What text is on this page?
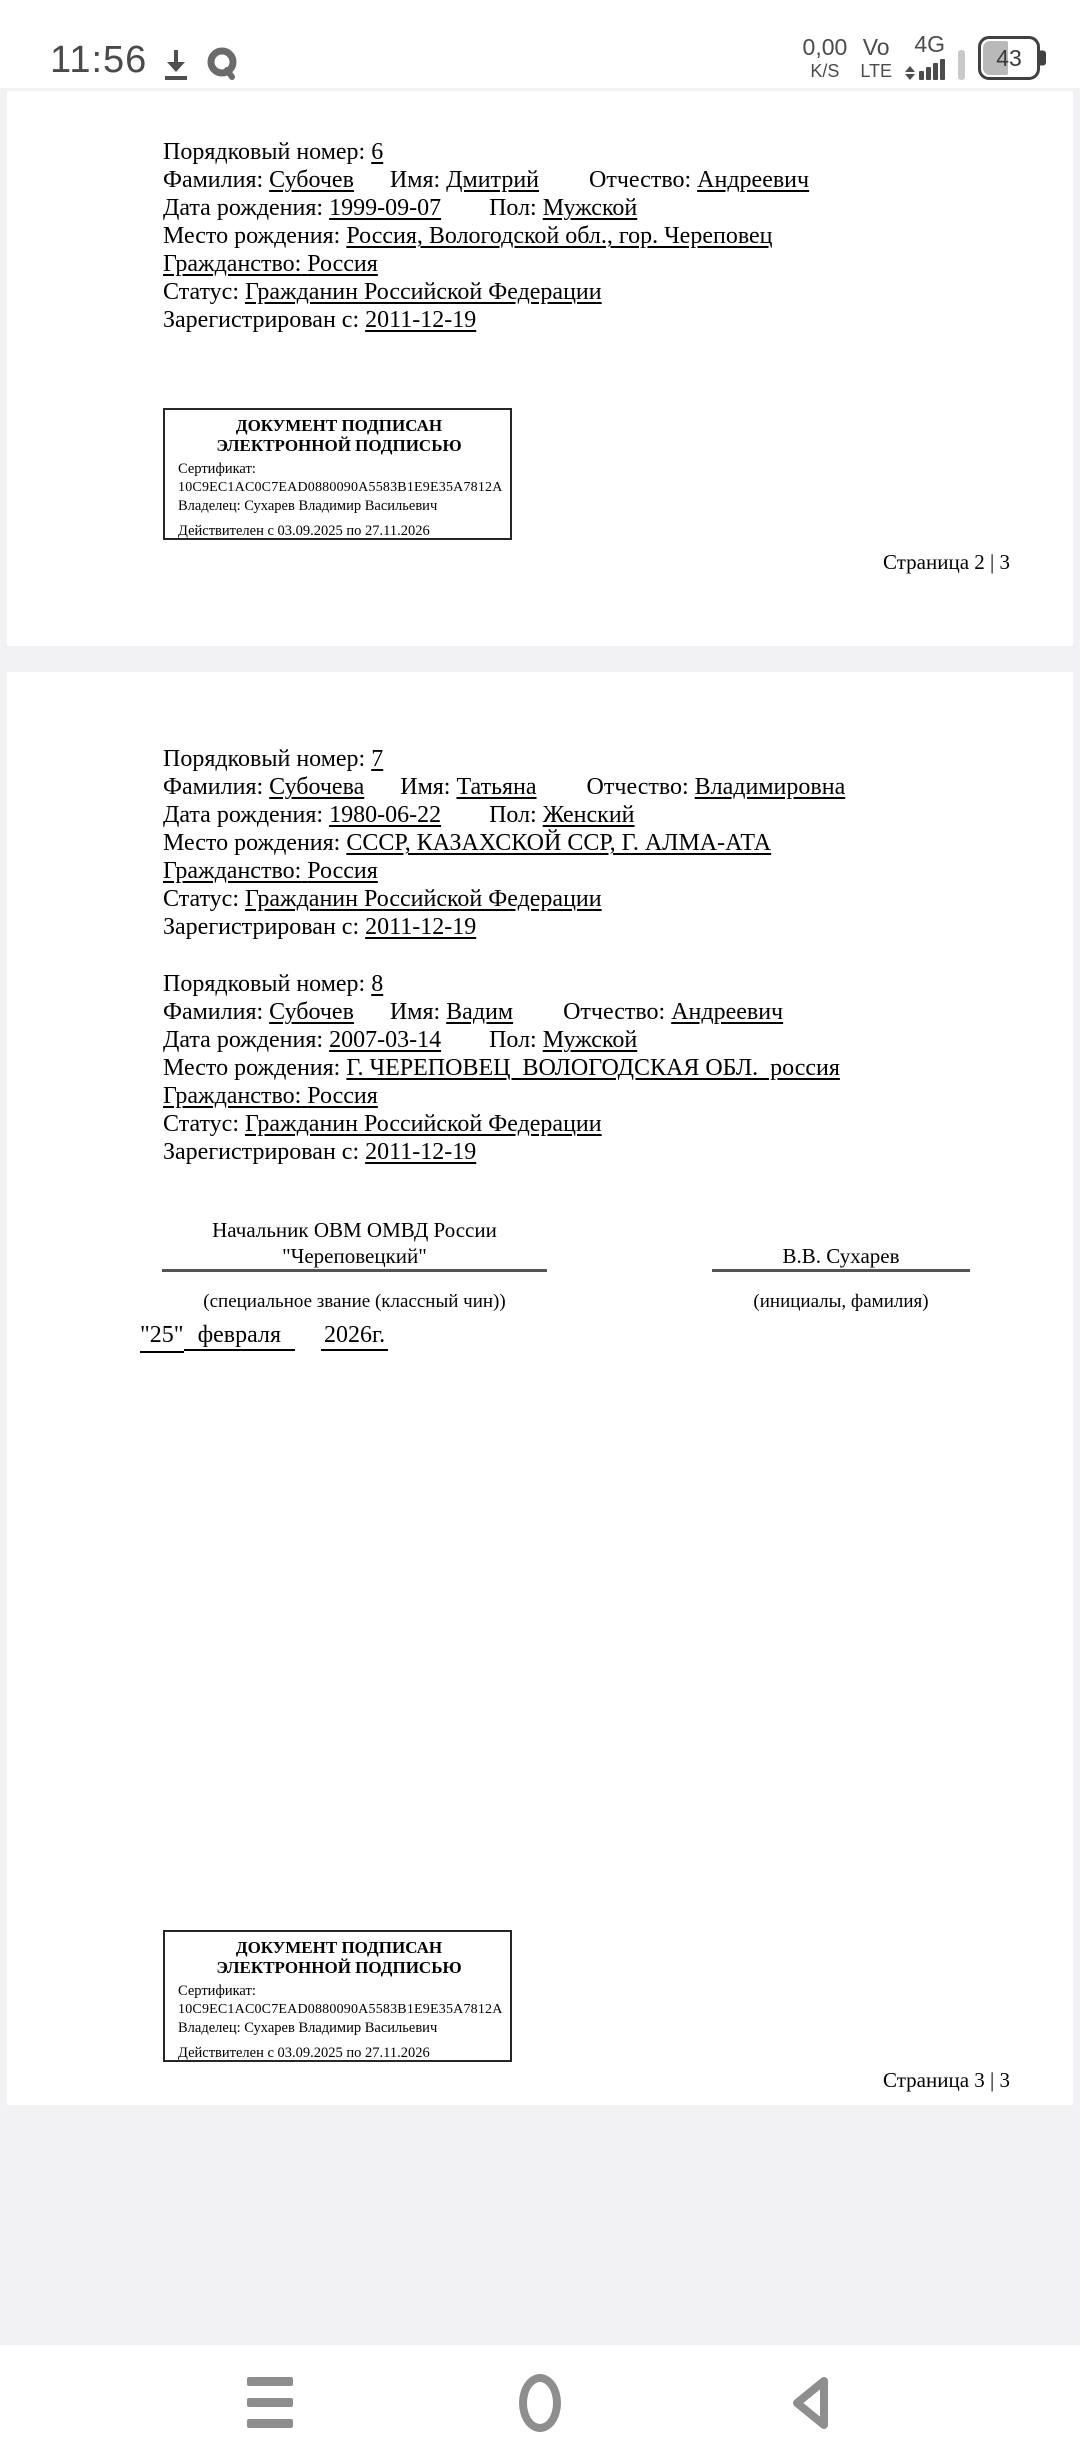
11:56	0,00
K/S
Vo
LTE
4G
43

Порядковый номер: 6

Фамилия: Субочев Имя: Дмитрий Отчество: Андреевич

Дата рождения: 1999-09-07 Пол: Мужской

Место рождения: Россия, Вологодской обл., гор. Череповец

Гражданство: Россия

Статус: Гражданин Российской Федерации

Зарегистрирован с: 2011-12-19

ДОКУМЕНТ ПОДПИСАН
ЭЛЕКТРОННОЙ ПОДПИСЬЮ
Сертификат:
10C9EC1AC0C7EAD0880090A5583B1E9E35A7812A
Владелец: Сухарев Владимир Васильевич
Действителен с 03.09.2025 по 27.11.2026
Страница 2 | 3

Порядковый номер: 7

Фамилия: Субочева Имя: Татьяна Отчество: Владимировна

Дата рождения: 1980-06-22 Пол: Женский

Место рождения: СССР, КАЗАХСКОЙ ССР, Г. АЛМА-АТА

Гражданство: Россия

Статус: Гражданин Российской Федерации

Зарегистрирован с: 2011-12-19

Порядковый номер: 8

Фамилия: Субочев Имя: Вадим Отчество: Андреевич

Дата рождения: 2007-03-14 Пол: Мужской

Место рождения: Г. ЧЕРЕПОВЕЦ  ВОЛОГОДСКАЯ ОБЛ.  россия

Гражданство: Россия

Статус: Гражданин Российской Федерации

Зарегистрирован с: 2011-12-19

Начальник ОВМ ОМВД России
"Череповецкий"	В.В. Сухарев
(специальное звание (классный чин))	(инициалы, фамилия)
"25" февраля 2026г.
ДОКУМЕНТ ПОДПИСАН
ЭЛЕКТРОННОЙ ПОДПИСЬЮ
Сертификат:
10C9EC1AC0C7EAD0880090A5583B1E9E35A7812A
Владелец: Сухарев Владимир Васильевич
Действителен с 03.09.2025 по 27.11.2026
Страница 3 | 3
